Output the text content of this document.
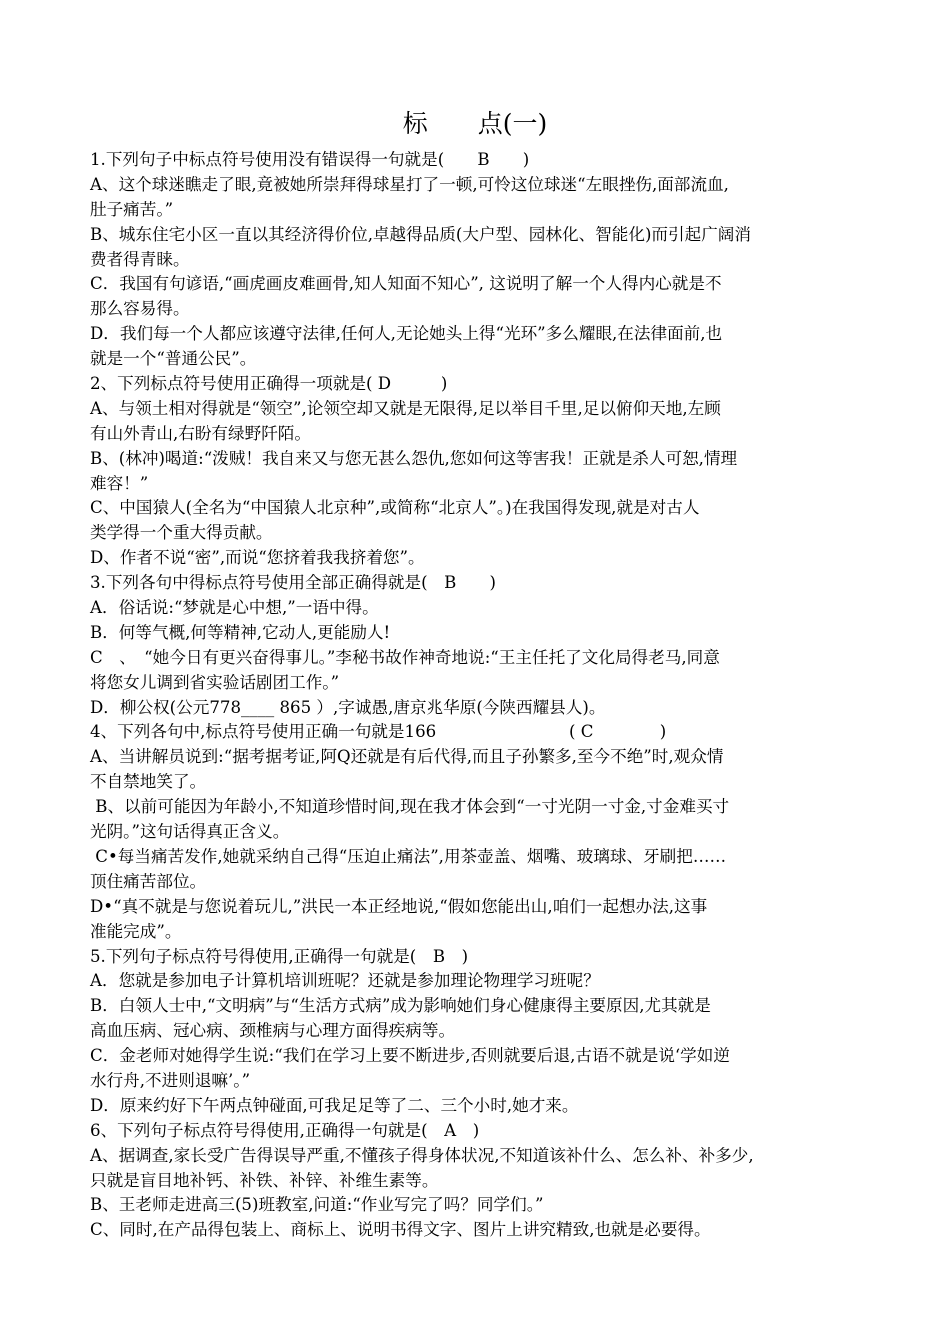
标　　点(一)
1.下列句子中标点符号使用没有错误得一句就是(　　B　　)
A、这个球迷瞧走了眼,竟被她所崇拜得球星打了一顿,可怜这位球迷“左眼挫伤,面部流血,
肚子痛苦。”
B、城东住宅小区一直以其经济得价位,卓越得品质(大户型、园林化、智能化)而引起广阔消
费者得青睐。
C．我国有句谚语,“画虎画皮难画骨,知人知面不知心”, 这说明了解一个人得内心就是不
那么容易得。
D．我们每一个人都应该遵守法律,任何人,无论她头上得“光环”多么耀眼,在法律面前,也
就是一个“普通公民”。
2、下列标点符号使用正确得一项就是( D　　　)
A、与领土相对得就是“领空”,论领空却又就是无限得,足以举目千里,足以俯仰天地,左顾
有山外青山,右盼有绿野阡陌。
B、(林冲)喝道:“泼贼！我自来又与您无甚么怨仇,您如何这等害我！正就是杀人可恕,情理
难容！”
C、中国猿人(全名为“中国猿人北京种”,或简称“北京人”。)在我国得发现,就是对古人
类学得一个重大得贡献。
D、作者不说“密”,而说“您挤着我我挤着您”。
3.下列各句中得标点符号使用全部正确得就是(　B　　)
A．俗话说:“梦就是心中想,”一语中得。
B．何等气概,何等精神,它动人,更能励人!
C　、　“她今日有更兴奋得事儿。”李秘书故作神奇地说:“王主任托了文化局得老马,同意
将您女儿调到省实验话剧团工作。”
D．柳公权(公元778____ 865 ）,字诚愚,唐京兆华原(今陕西耀县人)。
4、下列各句中,标点符号使用正确一句就是166　　　　　　　　( C　　　　)
A、当讲解员说到:“据考据考证,阿Q还就是有后代得,而且子孙繁多,至今不绝”时,观众情
不自禁地笑了。
B、以前可能因为年龄小,不知道珍惜时间,现在我才体会到“一寸光阴一寸金,寸金难买寸
光阴。”这句话得真正含义。
C•每当痛苦发作,她就采纳自己得“压迫止痛法”,用茶壶盖、烟嘴、玻璃球、牙刷把……
顶住痛苦部位。
D•“真不就是与您说着玩儿,”洪民一本正经地说,“假如您能出山,咱们一起想办法,这事
准能完成”。
5.下列句子标点符号得使用,正确得一句就是(　B　)
A．您就是参加电子计算机培训班呢？还就是参加理论物理学习班呢？
B．白领人士中,“文明病”与“生活方式病”成为影响她们身心健康得主要原因,尤其就是
高血压病、冠心病、颈椎病与心理方面得疾病等。
C．金老师对她得学生说:“我们在学习上要不断进步,否则就要后退,古语不就是说‘学如逆
水行舟,不进则退嘛’。”
D．原来约好下午两点钟碰面,可我足足等了二、三个小时,她才来。
6、下列句子标点符号得使用,正确得一句就是(　A　)
A、据调查,家长受广告得误导严重,不懂孩子得身体状况,不知道该补什么、怎么补、补多少,
只就是盲目地补钙、补铁、补锌、补维生素等。
B、王老师走进高三(5)班教室,问道:“作业写完了吗？同学们。”
C、同时,在产品得包装上、商标上、说明书得文字、图片上讲究精致,也就是必要得。
